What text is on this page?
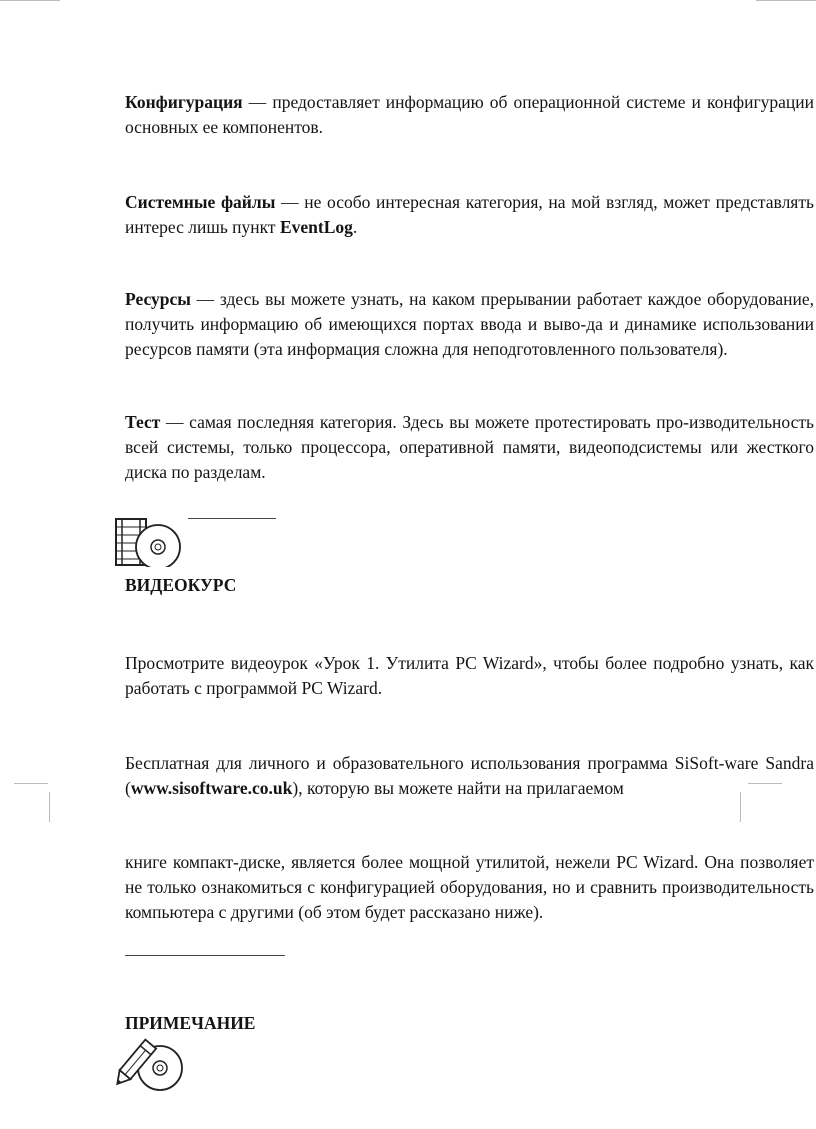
Конфигурация — предоставляет информацию об операционной системе и конфигурации основных ее компонентов.

Системные файлы — не особо интересная категория, на мой взгляд, может представлять интерес лишь пункт EventLog.

Ресурсы — здесь вы можете узнать, на каком прерывании работает каждое оборудование, получить информацию об имеющихся портах ввода и выво-да и динамике использовании ресурсов памяти (эта информация сложна для неподготовленного пользователя).

Тест — самая последняя категория. Здесь вы можете протестировать про-изводительность всей системы, только процессора, оперативной памяти, видеоподсистемы или жесткого диска по разделам.

ВИДЕОКУРС

Просмотрите видеоурок «Урок 1. Утилита PC Wizard», чтобы более подробно узнать, как работать с программой PC Wizard.

Бесплатная для личного и образовательного использования программа SiSoft-ware Sandra (www.sisoftware.co.uk), которую вы можете найти на прилагаемом

книге компакт-диске, является более мощной утилитой, нежели PC Wizard. Она позволяет не только ознакомиться с конфигурацией оборудования, но и сравнить производительность компьютера с другими (об этом будет рассказано ниже).

ПРИМЕЧАНИЕ
